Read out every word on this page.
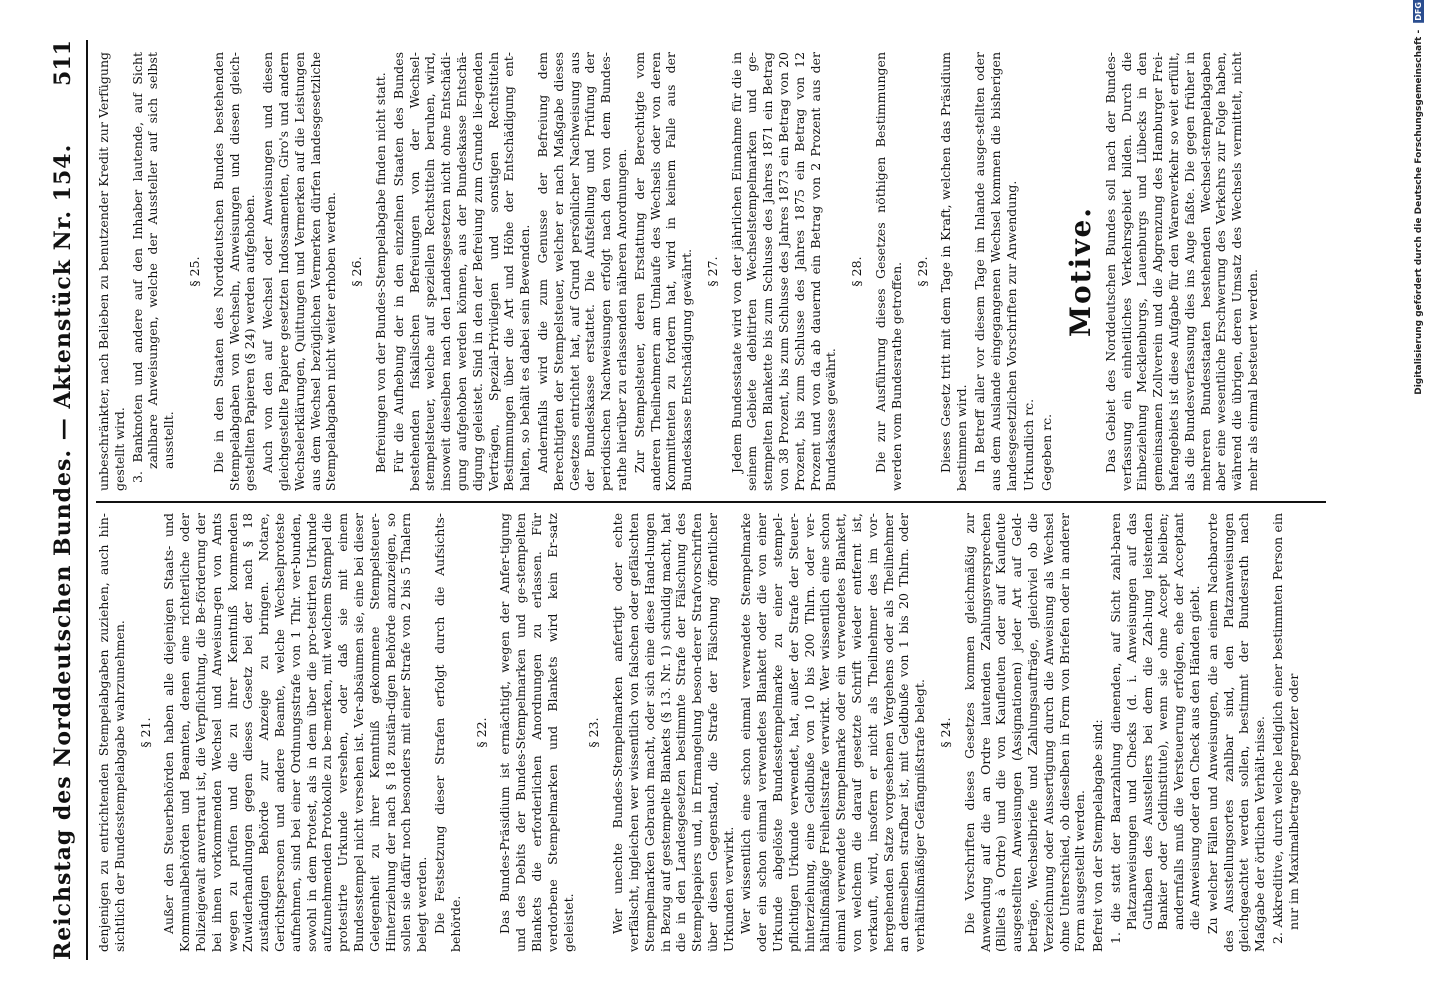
Reichstag des Norddeutschen Bundes. — Aktenstück Nr. 154.
511

denjenigen zu entrichtenden Stempelabgaben zuziehen, auch hin-sichtlich der Bundesstempelabgabe wahrzunehmen. § 21. Außer den Steuerbehörden haben alle diejenigen Staats- und Kommunalbehörden und Beamten, denen eine richterliche oder Polizeigewalt anvertraut ist, die Verpflichtung, die Be-förderung der bei ihnen vorkommenden Wechsel und Anweisun-gen von Amts wegen zu prüfen und die zu ihrer Kenntniß kommenden Zuwiderhandlungen gegen dieses Gesetz bei der nach § 18 zuständigen Behörde zur Anzeige zu bringen. Notare, Gerichtspersonen und andere Beamte, welche Wechselproteste aufnehmen, sind bei einer Ordnungsstrafe von 1 Thlr. ver-bunden, sowohl in dem Protest, als in dem über die pro-testirten Urkunde aufzunehmenden Protokolle zu be-merken, mit welchem Stempel die protestirte Urkunde versehen, oder daß sie mit einem Bundesstempel nicht versehen ist. Ver-absäumen sie, eine bei dieser Gelegenheit zu ihrer Kenntniß gekommene Stempelsteuer-Hinterziehung der nach § 18 zustän-digen Behörde anzuzeigen, so sollen sie dafür noch besonders mit einer Strafe von 2 bis 5 Thalern belegt werden. Die Festsetzung dieser Strafen erfolgt durch die Aufsichts-behörde.

§ 22. Das Bundes-Präsidium ist ermächtigt, wegen der Anfer-tigung und des Debits der Bundes-Stempelmarken und ge-stempelten Blankets die erforderlichen Anordnungen zu erlassen. Für verdorbene Stempelmarken und Blankets wird kein Er-satz geleistet.

§ 23. Wer unechte Bundes-Stempelmarken anfertigt oder echte verfälscht, ingleichen wer wissentlich von falschen oder gefälschten Stempelmarken Gebrauch macht, oder sich eine diese Hand-lungen in Bezug auf gestempelte Blankets (§ 13. Nr. 1) schuldig macht, hat die in den Landesgesetzen bestimmte Strafe der Fälschung des Stempelpapiers und, in Ermangelung beson-derer Strafvorschriften über diesen Gegenstand, die Strafe der Fälschung öffentlicher Urkunden verwirkt. Wer wissentlich eine schon einmal verwendete Stempelmarke oder ein schon einmal verwendetes Blankett oder die von einer Urkunde abgelöste Bundesstempelmarke zu einer stempel-pflichtigen Urkunde verwendet, hat, außer der Strafe der Steuer-hinterziehung, eine Geldbuße von 10 bis 200 Thlrn. oder ver-hältnißmäßige Freiheitsstrafe verwirkt. Wer wissentlich eine schon einmal verwendete Stempelmarke oder ein verwendetes Blankett, von welchem die darauf gesetzte Schrift wieder entfernt ist, verkauft, wird, insofern er nicht als Theilnehmer des im vor-hergehenden Satze vorgesehenen Vergehens oder als Theilnehmer an demselben strafbar ist, mit Geldbuße von 1 bis 20 Thlrn. oder verhältnißmäßiger Gefängnißstrafe belegt. § 24. Die Vorschriften dieses Gesetzes kommen gleichmäßig zur Anwendung auf die an Ordre lautenden Zahlungsversprechen (Billets à Ordre) und die von Kaufleuten oder auf Kaufleute ausgestellten Anweisungen (Assignationen) jeder Art auf Geld-beträge, Wechselbriefe und Zahlungsaufträge, gleichviel ob die Verzeichnung oder Aussertigung durch die Anweisung als Wechsel ohne Unterschied, ob dieselben in Form von Briefen oder in anderer Form ausgestellt werden. Befreit von der Stempelabgabe sind: 1. die statt der Baarzahlung dienenden, auf Sicht zahl-baren Platzanweisungen und Checks (d. i. Anweisungen auf das Guthaben des Ausstellers bei dem die Zah-lung leistenden Bankier oder Geldinstitute), wenn sie ohne Accept bleiben; andernfalls muß die Versteuerung erfolgen, ehe der Acceptant die Anweisung oder den Check aus den Händen giebt. Zu welcher Fällen und Anweisungen, die an einem Nachbarorte des Ausstellungsortes zahlbar sind, den Platzanweisungen gleichgeachtet werden sollen, bestimmt der Bundesrath nach Maßgabe der örtlichen Verhält-nisse. 2. Akkreditive, durch welche lediglich einer bestimmten Person ein nur im Maximalbetrage begrenzter oder

unbeschränkter, nach Belieben zu benutzender Kredit zur Verfügung gestellt wird. 3. Banknoten und andere auf den Inhaber lautende, auf Sicht zahlbare Anweisungen, welche der Aussteller auf sich selbst ausstellt.
§ 25. Die in den Staaten des Norddeutschen Bundes bestehenden Stempelabgaben von Wechseln, Anweisungen und diesen gleich-gestellten Papieren (§ 24) werden aufgehoben. Auch von den auf Wechsel oder Anweisungen und diesen gleichgestellte Papiere gesetzten Indossamenten, Giro's und andern Wechselerklärungen, Quittungen und Vermerken auf die Leistungen aus dem Wechsel bezüglichen Vermerken dürfen landesgesetzliche Stempelabgaben nicht weiter erhoben werden. § 26. Befreiungen von der Bundes-Stempelabgabe finden nicht statt. Für die Aufhebung der in den einzelnen Staaten des Bundes bestehenden fiskalischen Befreiungen von der Wechsel-stempelsteuer, welche auf speziellen Rechtstiteln beruhen, wird, insoweit dieselben nach den Landesgesetzen nicht ohne Entschädi-gung aufgehoben werden können, aus der Bundeskasse Entschä-digung geleistet. Sind in den der Befreiung zum Grunde lie-genden Verträgen, Spezial-Privilegien und sonstigen Rechtstiteln Bestimmungen über die Art und Höhe der Entschädigung ent-halten, so behält es dabei sein Bewenden. Andernfalls wird die zum Genusse der Befreiung dem Berechtigten der Stempelsteuer, welcher er nach Maßgabe dieses Gesetzes entrichtet hat, auf Grund persönlicher Nachweisung aus der Bundeskasse erstattet. Die Aufstellung und Prüfung der periodischen Nachweisungen erfolgt nach den von dem Bundes-rathe hierüber zu erlassenden näheren Anordnungen. Zur Stempelsteuer, deren Erstattung der Berechtigte vom anderen Theilnehmern am Umlaufe des Wechsels oder von deren Kommittenten zu fordern hat, wird in keinem Falle aus der Bundeskasse Entschädigung gewährt. § 27. Jedem Bundesstaate wird von der jährlichen Einnahme für die in seinem Gebiete debitirten Wechselstempelmarken und ge-stempelten Blankette bis zum Schlusse des Jahres 1871 ein Betrag von 38 Prozent, bis zum Schlusse des Jahres 1873 ein Betrag von 20 Prozent, bis zum Schlusse des Jahres 1875 ein Betrag von 12 Prozent und von da ab dauernd ein Betrag von 2 Prozent aus der Bundeskasse gewährt.

§ 28. Die zur Ausführung dieses Gesetzes nöthigen Bestimmungen werden vom Bundesrathe getroffen. § 29. Dieses Gesetz tritt mit dem Tage in Kraft, welchen das Präsidium bestimmen wird. In Betreff aller vor diesem Tage im Inlande ausge-stellten oder aus dem Auslande eingegangenen Wechsel kommen die bisherigen landesgesetzlichen Vorschriften zur Anwendung. Urkundlich rc. Gegeben rc.

Motive. Das Gebiet des Norddeutschen Bundes soll nach der Bundes-verfassung ein einheitliches Verkehrsgebiet bilden. Durch die Einbeziehung Mecklenburgs, Lauenburgs und Lübecks in den gemeinsamen Zollverein und die Abgrenzung des Hamburger Frei-hafengebiets ist diese Aufgabe für den Warenverkehr so weit erfüllt, als die Bundesverfassung dies ins Auge faßte. Die gegen früher in mehreren Bundesstaaten bestehenden Wechsel-stempelabgaben aber eine wesentliche Erschwerung des Verkehrs zur Folge haben, während die übrigen, deren Umsatz des Wechsels vermittelt, nicht mehr als einmal besteuert werden.	Digitalisierung gefördert durch die Deutsche Forschungsgemeinschaft - DFG
